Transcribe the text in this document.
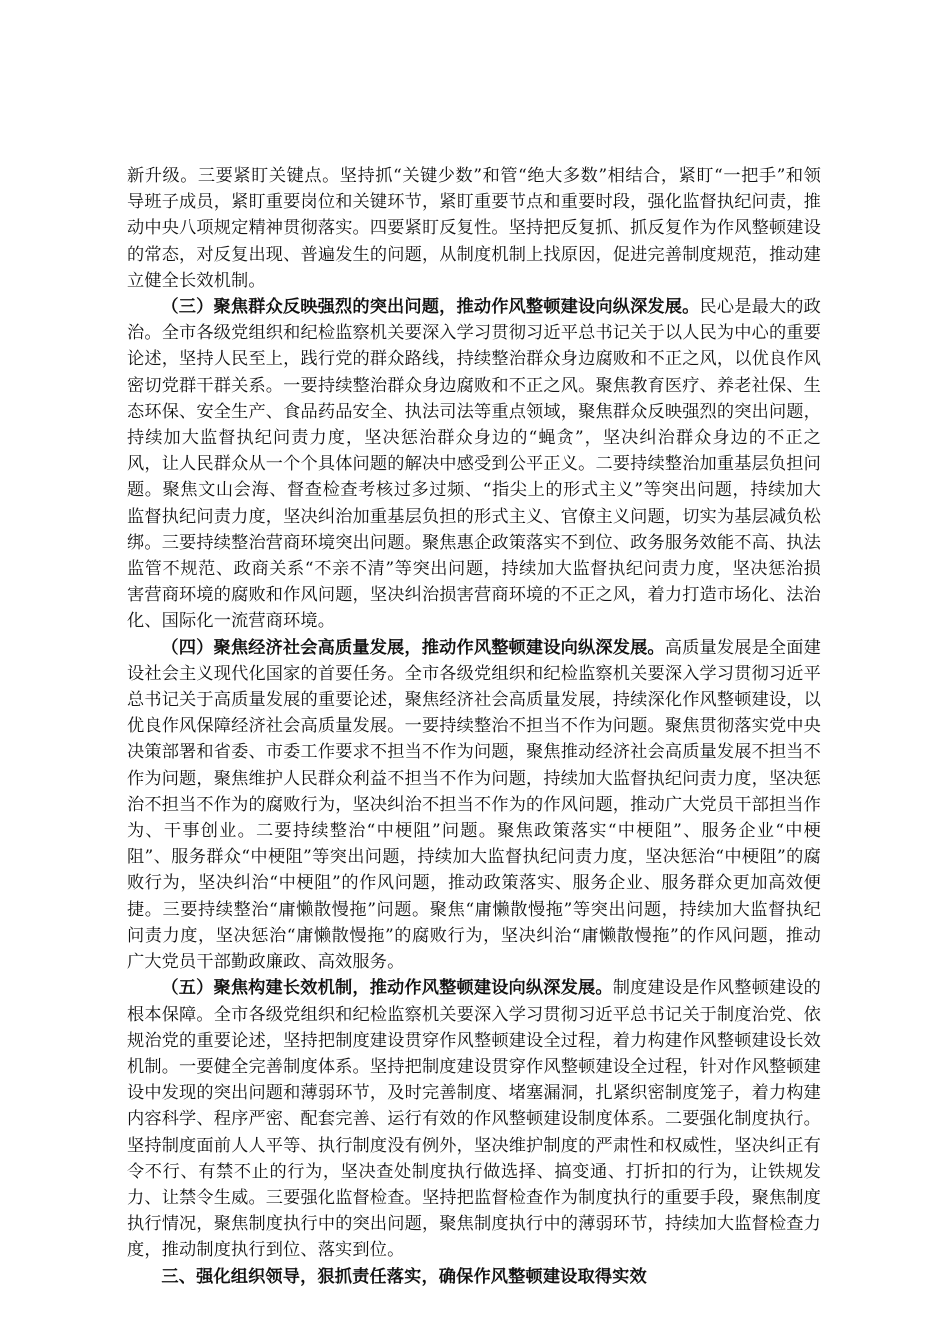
新升级。三要紧盯关键点。坚持抓“关键少数”和管“绝大多数”相结合，紧盯“一把手”和领导班子成员，紧盯重要岗位和关键环节，紧盯重要节点和重要时段，强化监督执纪问责，推动中央八项规定精神贯彻落实。四要紧盯反复性。坚持把反复抓、抓反复作为作风整顿建设的常态，对反复出现、普遍发生的问题，从制度机制上找原因，促进完善制度规范，推动建立健全长效机制。

（三）聚焦群众反映强烈的突出问题，推动作风整顿建设向纵深发展。民心是最大的政治。全市各级党组织和纪检监察机关要深入学习贯彻习近平总书记关于以人民为中心的重要论述，坚持人民至上，践行党的群众路线，持续整治群众身边腐败和不正之风，以优良作风密切党群干群关系。一要持续整治群众身边腐败和不正之风。聚焦教育医疗、养老社保、生态环保、安全生产、食品药品安全、执法司法等重点领域，聚焦群众反映强烈的突出问题，持续加大监督执纪问责力度，坚决惩治群众身边的“蝇贪”，坚决纠治群众身边的不正之风，让人民群众从一个个具体问题的解决中感受到公平正义。二要持续整治加重基层负担问题。聚焦文山会海、督查检查考核过多过频、“指尖上的形式主义”等突出问题，持续加大监督执纪问责力度，坚决纠治加重基层负担的形式主义、官僚主义问题，切实为基层减负松绑。三要持续整治营商环境突出问题。聚焦惠企政策落实不到位、政务服务效能不高、执法监管不规范、政商关系“不亲不清”等突出问题，持续加大监督执纪问责力度，坚决惩治损害营商环境的腐败和作风问题，坚决纠治损害营商环境的不正之风，着力打造市场化、法治化、国际化一流营商环境。

（四）聚焦经济社会高质量发展，推动作风整顿建设向纵深发展。高质量发展是全面建设社会主义现代化国家的首要任务。全市各级党组织和纪检监察机关要深入学习贯彻习近平总书记关于高质量发展的重要论述，聚焦经济社会高质量发展，持续深化作风整顿建设，以优良作风保障经济社会高质量发展。一要持续整治不担当不作为问题。聚焦贯彻落实党中央决策部署和省委、市委工作要求不担当不作为问题，聚焦推动经济社会高质量发展不担当不作为问题，聚焦维护人民群众利益不担当不作为问题，持续加大监督执纪问责力度，坚决惩治不担当不作为的腐败行为，坚决纠治不担当不作为的作风问题，推动广大党员干部担当作为、干事创业。二要持续整治“中梗阻”问题。聚焦政策落实“中梗阻”、服务企业“中梗阻”、服务群众“中梗阻”等突出问题，持续加大监督执纪问责力度，坚决惩治“中梗阻”的腐败行为，坚决纠治“中梗阻”的作风问题，推动政策落实、服务企业、服务群众更加高效便捷。三要持续整治“庸懒散慢拖”问题。聚焦“庸懒散慢拖”等突出问题，持续加大监督执纪问责力度，坚决惩治“庸懒散慢拖”的腐败行为，坚决纠治“庸懒散慢拖”的作风问题，推动广大党员干部勤政廉政、高效服务。

（五）聚焦构建长效机制，推动作风整顿建设向纵深发展。制度建设是作风整顿建设的根本保障。全市各级党组织和纪检监察机关要深入学习贯彻习近平总书记关于制度治党、依规治党的重要论述，坚持把制度建设贯穿作风整顿建设全过程，着力构建作风整顿建设长效机制。一要健全完善制度体系。坚持把制度建设贯穿作风整顿建设全过程，针对作风整顿建设中发现的突出问题和薄弱环节，及时完善制度、堵塞漏洞，扎紧织密制度笼子，着力构建内容科学、程序严密、配套完善、运行有效的作风整顿建设制度体系。二要强化制度执行。坚持制度面前人人平等、执行制度没有例外，坚决维护制度的严肃性和权威性，坚决纠正有令不行、有禁不止的行为，坚决查处制度执行做选择、搞变通、打折扣的行为，让铁规发力、让禁令生威。三要强化监督检查。坚持把监督检查作为制度执行的重要手段，聚焦制度执行情况，聚焦制度执行中的突出问题，聚焦制度执行中的薄弱环节，持续加大监督检查力度，推动制度执行到位、落实到位。

三、强化组织领导，狠抓责任落实，确保作风整顿建设取得实效
